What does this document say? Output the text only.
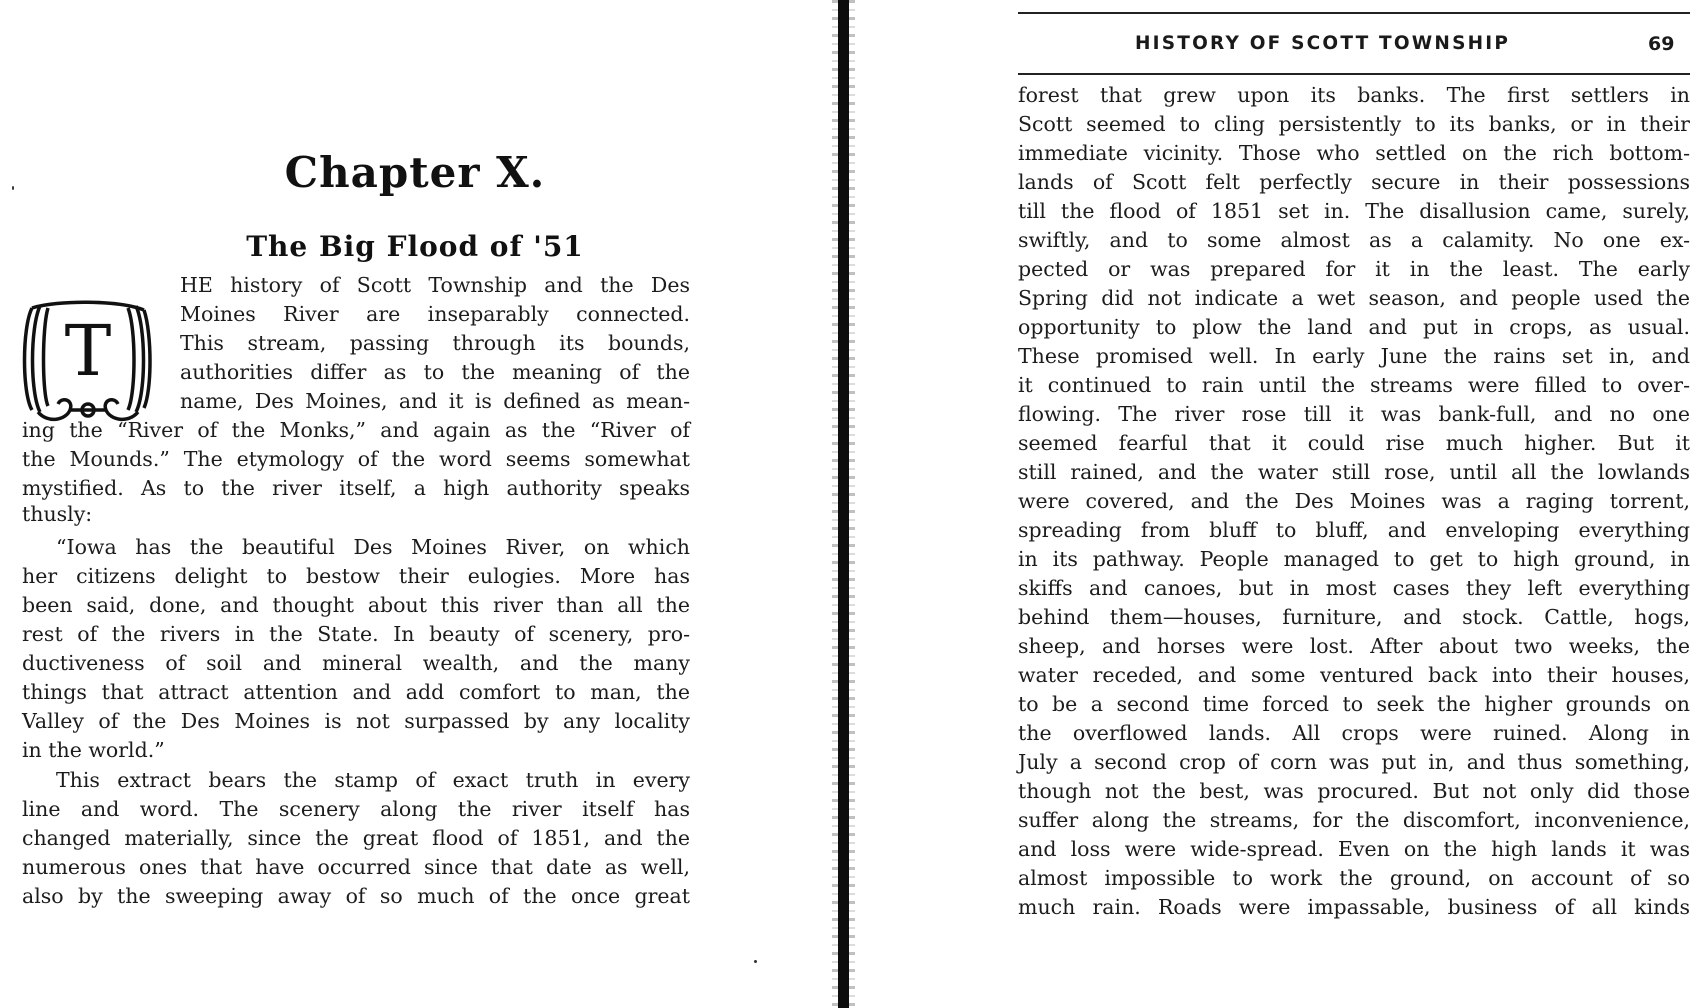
Chapter X.
The Big Flood of '51
T
HE history of Scott Township and the Des
Moines River are inseparably connected.
This stream, passing through its bounds,
authorities differ as to the meaning of the
name, Des Moines, and it is defined as mean-
ing the “River of the Monks,” and again as the “River of
the Mounds.” The etymology of the word seems somewhat
mystified. As to the river itself, a high authority speaks
thusly:
“Iowa has the beautiful Des Moines River, on which
her citizens delight to bestow their eulogies. More has
been said, done, and thought about this river than all the
rest of the rivers in the State. In beauty of scenery, pro-
ductiveness of soil and mineral wealth, and the many
things that attract attention and add comfort to man, the
Valley of the Des Moines is not surpassed by any locality
in the world.”
This extract bears the stamp of exact truth in every
line and word. The scenery along the river itself has
changed materially, since the great flood of 1851, and the
numerous ones that have occurred since that date as well,
also by the sweeping away of so much of the once great
HISTORY OF SCOTT TOWNSHIP	69
forest that grew upon its banks. The first settlers in
Scott seemed to cling persistently to its banks, or in their
immediate vicinity. Those who settled on the rich bottom-
lands of Scott felt perfectly secure in their possessions
till the flood of 1851 set in. The disallusion came, surely,
swiftly, and to some almost as a calamity. No one ex-
pected or was prepared for it in the least. The early
Spring did not indicate a wet season, and people used the
opportunity to plow the land and put in crops, as usual.
These promised well. In early June the rains set in, and
it continued to rain until the streams were filled to over-
flowing. The river rose till it was bank-full, and no one
seemed fearful that it could rise much higher. But it
still rained, and the water still rose, until all the lowlands
were covered, and the Des Moines was a raging torrent,
spreading from bluff to bluff, and enveloping everything
in its pathway. People managed to get to high ground, in
skiffs and canoes, but in most cases they left everything
behind them—houses, furniture, and stock. Cattle, hogs,
sheep, and horses were lost. After about two weeks, the
water receded, and some ventured back into their houses,
to be a second time forced to seek the higher grounds on
the overflowed lands. All crops were ruined. Along in
July a second crop of corn was put in, and thus something,
though not the best, was procured. But not only did those
suffer along the streams, for the discomfort, inconvenience,
and loss were wide-spread. Even on the high lands it was
almost impossible to work the ground, on account of so
much rain. Roads were impassable, business of all kinds
